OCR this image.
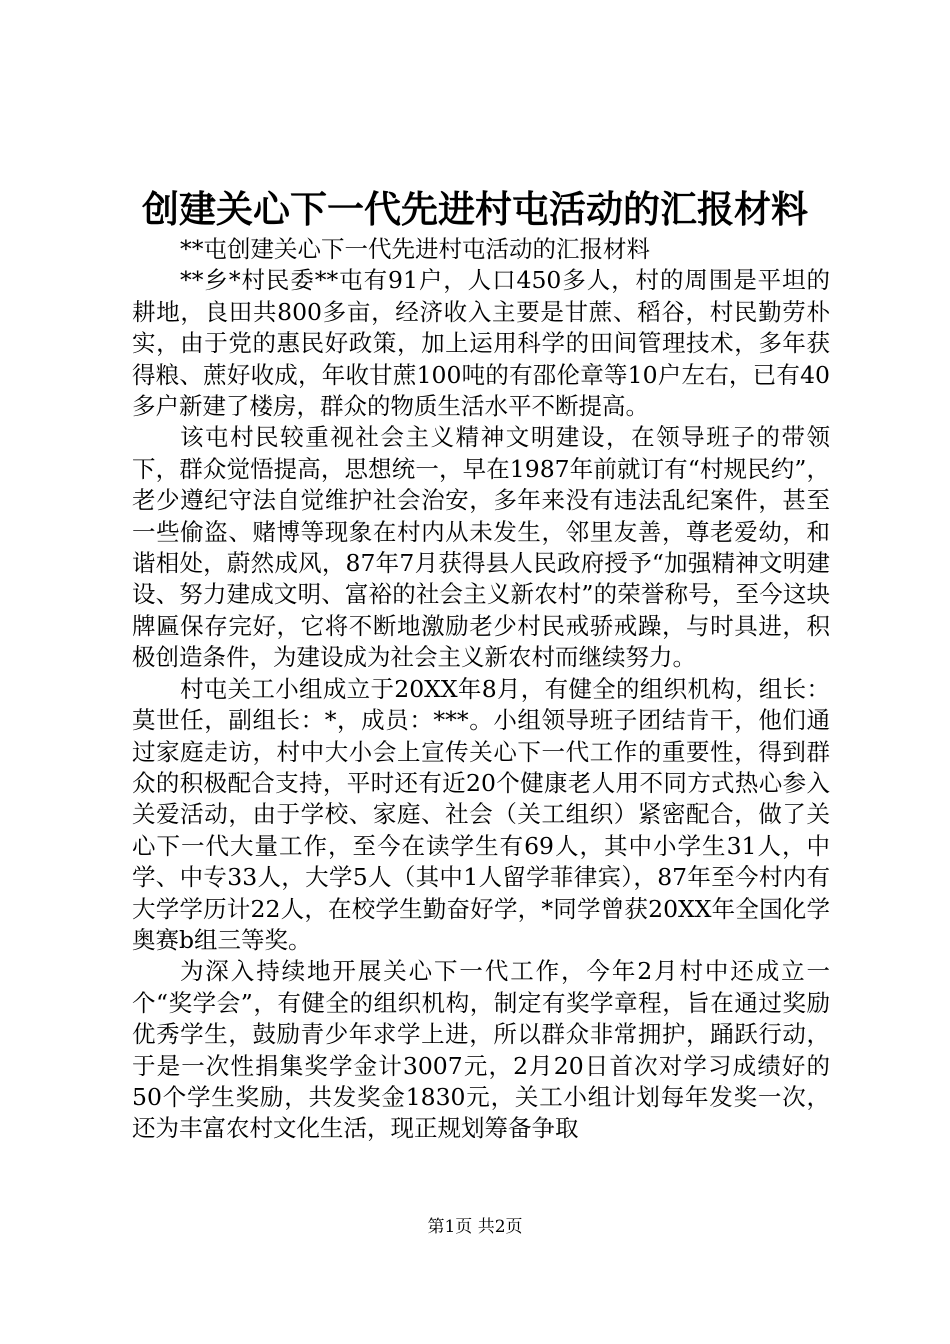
创建关心下一代先进村屯活动的汇报材料

**屯创建关心下一代先进村屯活动的汇报材料

**乡*村民委**屯有91户，人口450多人，村的周围是平坦的耕地，良田共800多亩，经济收入主要是甘蔗、稻谷，村民勤劳朴实，由于党的惠民好政策，加上运用科学的田间管理技术，多年获得粮、蔗好收成，年收甘蔗100吨的有邵伦章等10户左右，已有40多户新建了楼房，群众的物质生活水平不断提高。

该屯村民较重视社会主义精神文明建设，在领导班子的带领下，群众觉悟提高，思想统一，早在1987年前就订有“村规民约”，老少遵纪守法自觉维护社会治安，多年来没有违法乱纪案件，甚至一些偷盗、赌博等现象在村内从未发生，邻里友善，尊老爱幼，和谐相处，蔚然成风，87年7月获得县人民政府授予“加强精神文明建设、努力建成文明、富裕的社会主义新农村”的荣誉称号，至今这块牌匾保存完好，它将不断地激励老少村民戒骄戒躁，与时具进，积极创造条件，为建设成为社会主义新农村而继续努力。

村屯关工小组成立于20XX年8月，有健全的组织机构，组长：莫世任，副组长：*，成员：***。小组领导班子团结肯干，他们通过家庭走访，村中大小会上宣传关心下一代工作的重要性，得到群众的积极配合支持，平时还有近20个健康老人用不同方式热心参入关爱活动，由于学校、家庭、社会（关工组织）紧密配合，做了关心下一代大量工作，至今在读学生有69人，其中小学生31人，中学、中专33人，大学5人（其中1人留学菲律宾），87年至今村内有大学学历计22人，在校学生勤奋好学，*同学曾获20XX年全国化学奥赛b组三等奖。

为深入持续地开展关心下一代工作，今年2月村中还成立一个“奖学会”，有健全的组织机构，制定有奖学章程，旨在通过奖励优秀学生，鼓励青少年求学上进，所以群众非常拥护，踊跃行动，于是一次性捐集奖学金计3007元，2月20日首次对学习成绩好的50个学生奖励，共发奖金1830元，关工小组计划每年发奖一次，还为丰富农村文化生活，现正规划筹备争取

第1页 共2页
